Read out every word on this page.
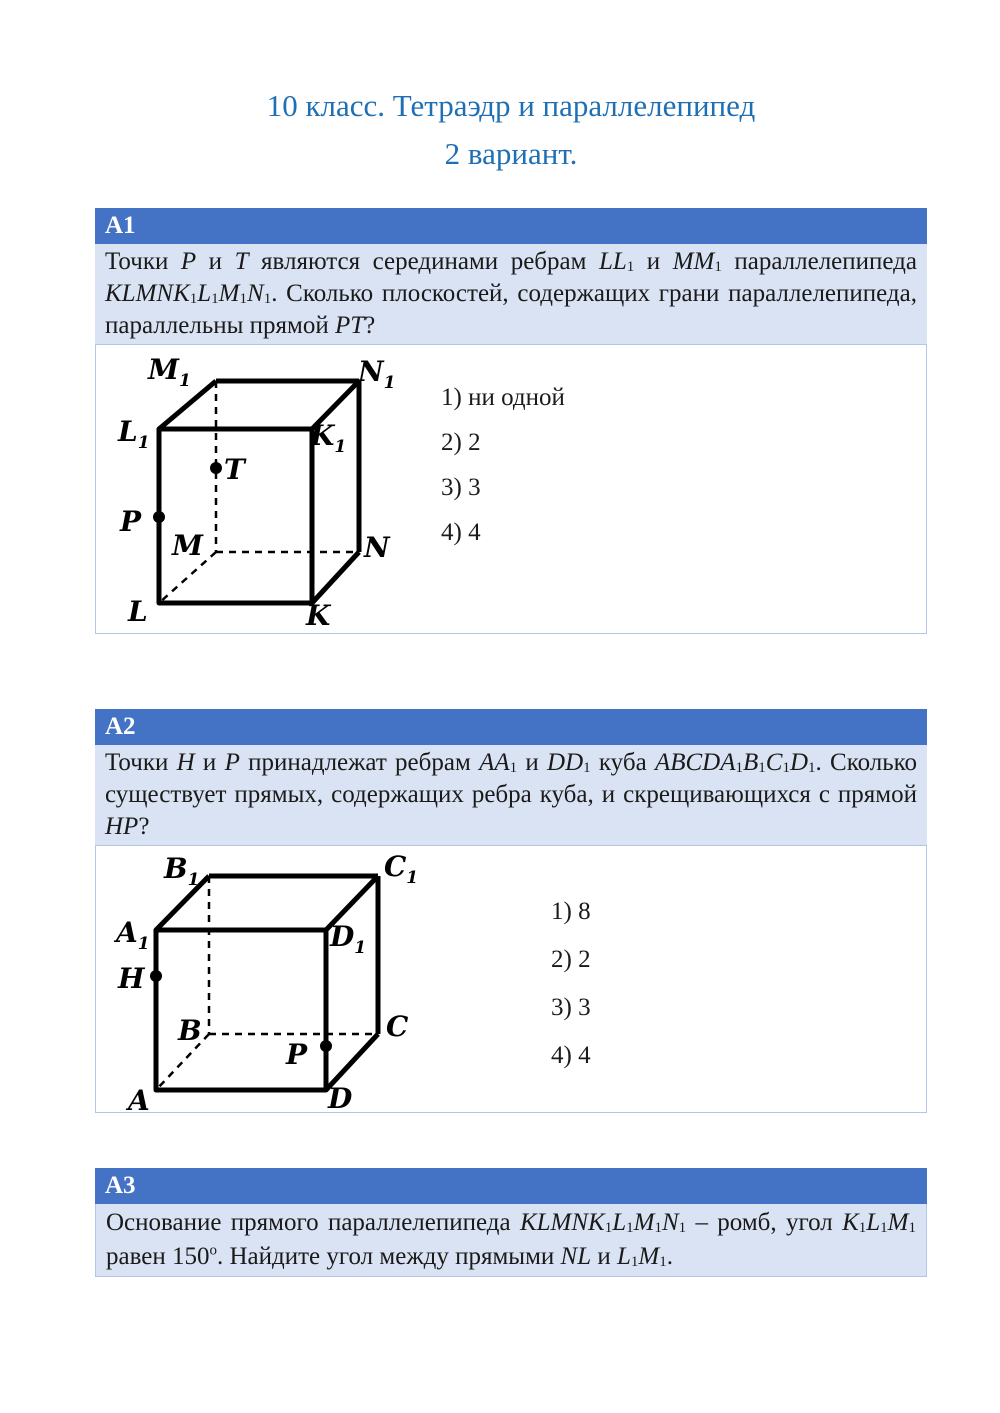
10 класс. Тетраэдр и параллелепипед
2 вариант.
A1
Точки P и T являются серединами ребрам $LL_1$ и $MM_1$ параллелепипеда $KLMNK_1L_1M_1N_1$. Сколько плоскостей, содержащих грани параллелепипеда, параллельны прямой PT?
$M_1$	$N_1$
$L_1$	$K_1$
T
P
M	N
L	K
1) ни одной
2) 2
3) 3
4) 4
A2
Точки H и P принадлежат ребрам $AA_1$ и $DD_1$ куба $ABCDA_1B_1C_1D_1$. Сколько существует прямых, содержащих ребра куба, и скрещивающихся с прямой HP?
$B_1$	$C_1$
$A_1$	$D_1$
H
B	C
P
A	D
1) 8
2) 2
3) 3
4) 4
A3
Основание прямого параллелепипеда $KLMNK_1L_1M_1N_1$ – ромб, угол $K_1L_1M_1$ равен 150$^o$. Найдите угол между прямыми NL и $L_1M_1$.
